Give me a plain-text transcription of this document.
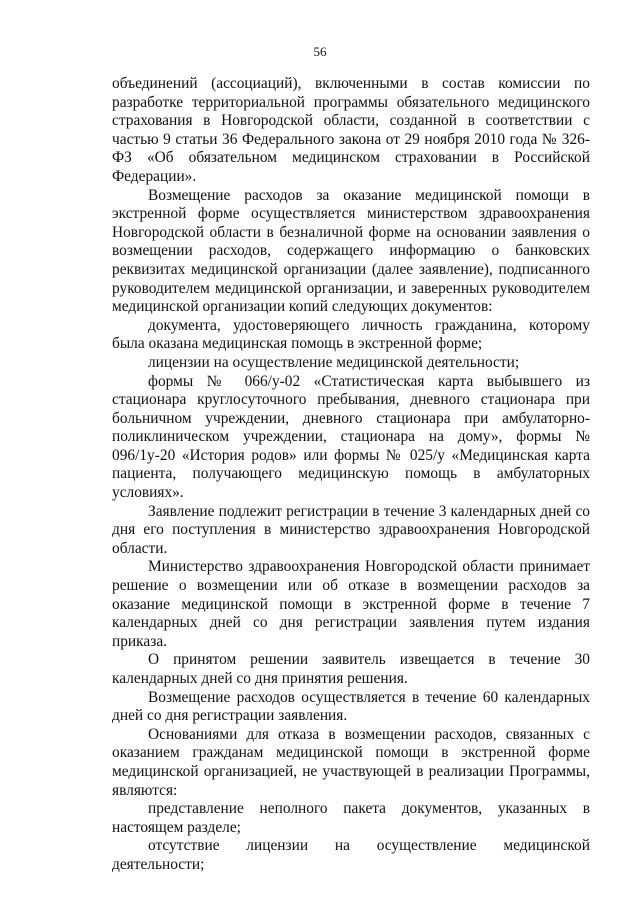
56

объединений (ассоциаций), включенными в состав комиссии по разработке территориальной программы обязательного медицинского страхования в Новгородской области, созданной в соответствии с частью 9 статьи 36 Федерального закона от 29 ноября 2010 года № 326-ФЗ «Об обязательном медицинском страховании в Российской Федерации».

Возмещение расходов за оказание медицинской помощи в экстренной форме осуществляется министерством здравоохранения Новгородской области в безналичной форме на основании заявления о возмещении расходов, содержащего информацию о банковских реквизитах медицинской организации (далее заявление), подписанного руководителем медицинской организации, и заверенных руководителем медицинской организации копий следующих документов:

документа, удостоверяющего личность гражданина, которому была оказана медицинская помощь в экстренной форме;

лицензии на осуществление медицинской деятельности;

формы № 066/у-02 «Статистическая карта выбывшего из стационара круглосуточного пребывания, дневного стационара при больничном учреждении, дневного стационара при амбулаторно-поликлиническом учреждении, стационара на дому», формы № 096/1у-20 «История родов» или формы № 025/у «Медицинская карта пациента, получающего медицинскую помощь в амбулаторных условиях».

Заявление подлежит регистрации в течение 3 календарных дней со дня его поступления в министерство здравоохранения Новгородской области.

Министерство здравоохранения Новгородской области принимает решение о возмещении или об отказе в возмещении расходов за оказание медицинской помощи в экстренной форме в течение 7 календарных дней со дня регистрации заявления путем издания приказа.

О принятом решении заявитель извещается в течение 30 календарных дней со дня принятия решения.

Возмещение расходов осуществляется в течение 60 календарных дней со дня регистрации заявления.

Основаниями для отказа в возмещении расходов, связанных с оказанием гражданам медицинской помощи в экстренной форме медицинской организацией, не участвующей в реализации Программы, являются:

представление неполного пакета документов, указанных в настоящем разделе;

отсутствие лицензии на осуществление медицинской деятельности;
